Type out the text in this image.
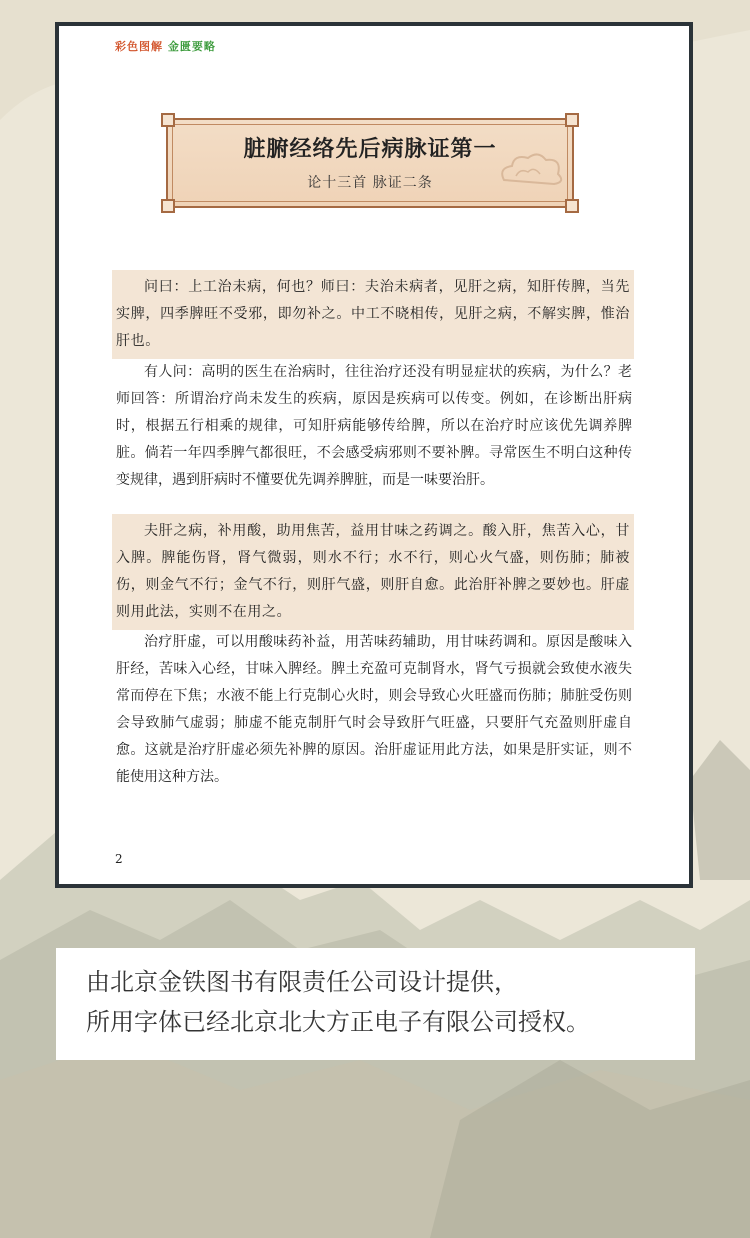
彩色图解 金匮要略
脏腑经络先后病脉证第一
论十三首 脉证二条
问曰：上工治未病，何也？师曰：夫治未病者，见肝之病，知肝传脾，当先实脾，四季脾旺不受邪，即勿补之。中工不晓相传，见肝之病，不解实脾，惟治肝也。
有人问：高明的医生在治病时，往往治疗还没有明显症状的疾病，为什么？老师回答：所谓治疗尚未发生的疾病，原因是疾病可以传变。例如，在诊断出肝病时，根据五行相乘的规律，可知肝病能够传给脾，所以在治疗时应该优先调养脾脏。倘若一年四季脾气都很旺，不会感受病邪则不要补脾。寻常医生不明白这种传变规律，遇到肝病时不懂要优先调养脾脏，而是一味要治肝。
夫肝之病，补用酸，助用焦苦，益用甘味之药调之。酸入肝，焦苦入心，甘入脾。脾能伤肾，肾气微弱，则水不行；水不行，则心火气盛，则伤肺；肺被伤，则金气不行；金气不行，则肝气盛，则肝自愈。此治肝补脾之要妙也。肝虚则用此法，实则不在用之。
治疗肝虚，可以用酸味药补益，用苦味药辅助，用甘味药调和。原因是酸味入肝经，苦味入心经，甘味入脾经。脾土充盈可克制肾水，肾气亏损就会致使水液失常而停在下焦；水液不能上行克制心火时，则会导致心火旺盛而伤肺；肺脏受伤则会导致肺气虚弱；肺虚不能克制肝气时会导致肝气旺盛，只要肝气充盈则肝虚自愈。这就是治疗肝虚必须先补脾的原因。治肝虚证用此方法，如果是肝实证，则不能使用这种方法。
2
由北京金铁图书有限责任公司设计提供，
所用字体已经北京北大方正电子有限公司授权。
